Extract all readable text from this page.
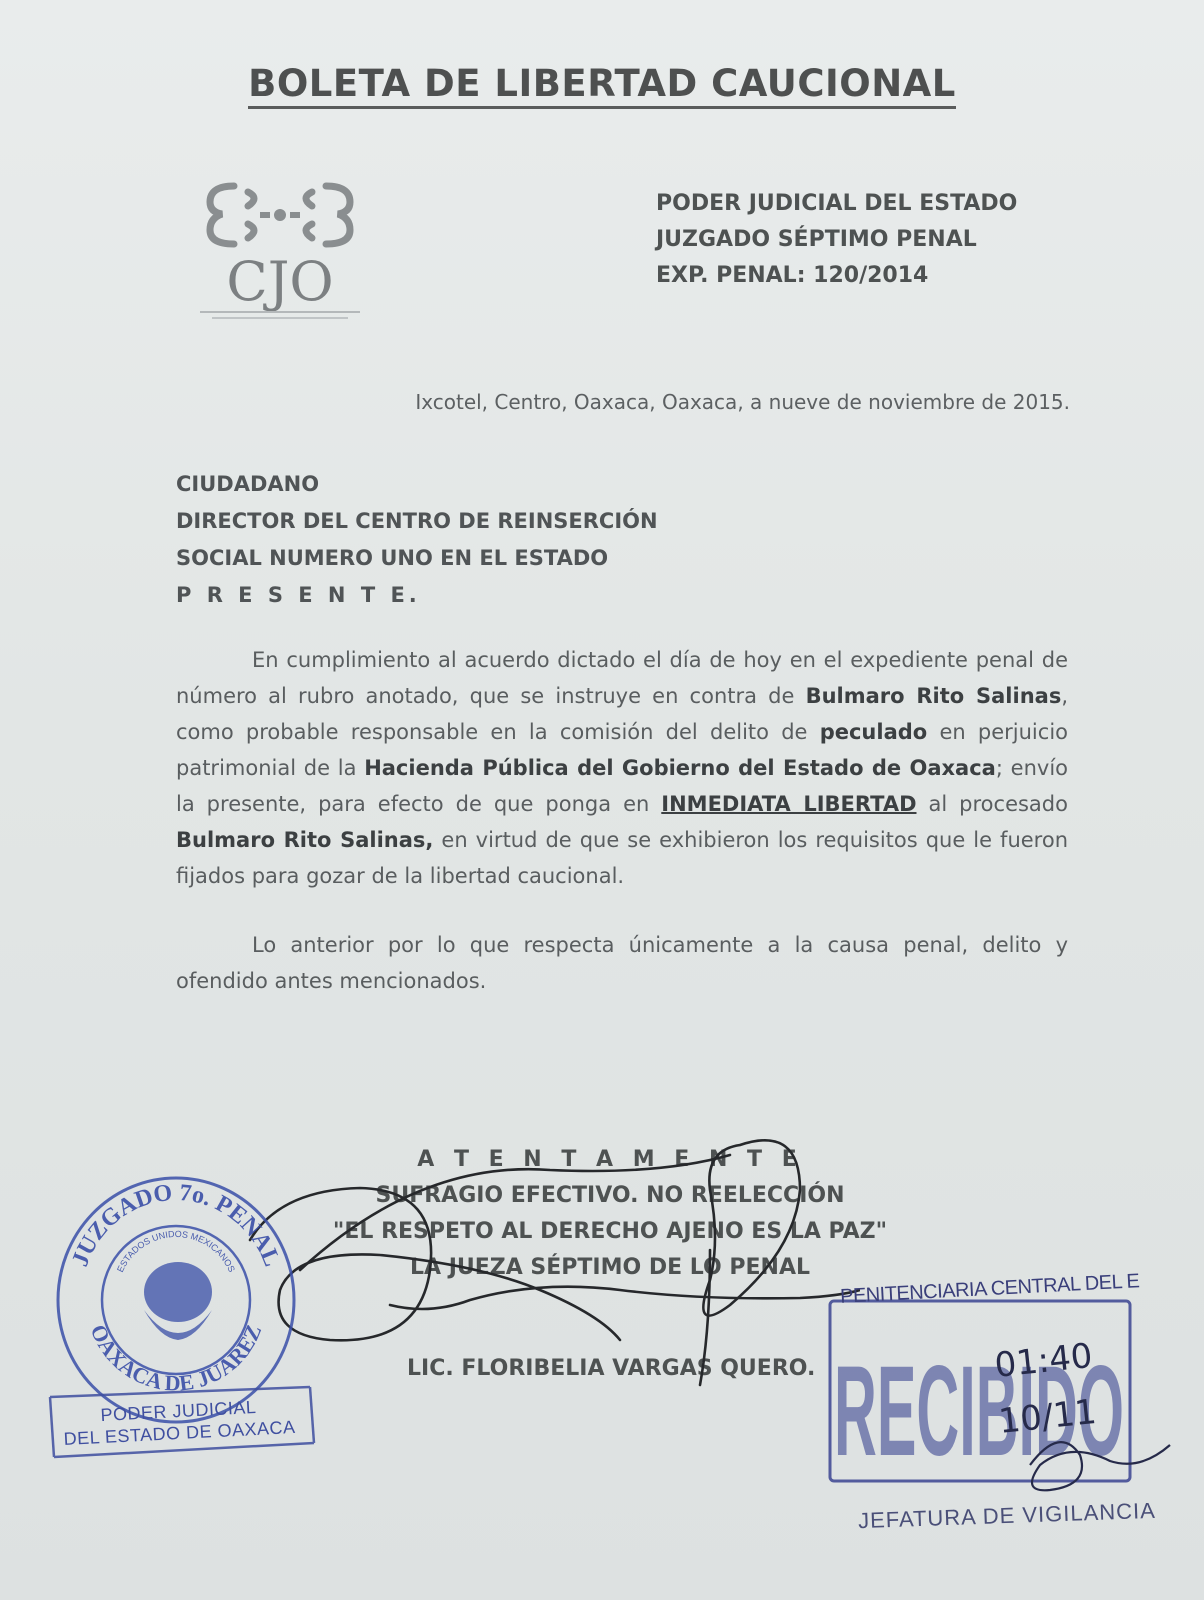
BOLETA DE LIBERTAD CAUCIONAL
CJO
PODER JUDICIAL DEL ESTADO
JUZGADO SÉPTIMO PENAL
EXP. PENAL: 120/2014
Ixcotel, Centro, Oaxaca, Oaxaca, a nueve de noviembre de 2015.
CIUDADANO
DIRECTOR DEL CENTRO DE REINSERCIÓN
SOCIAL NUMERO UNO EN EL ESTADO
P R E S E N T E.

En cumplimiento al acuerdo dictado el día de hoy en el expediente penal de número al rubro anotado, que se instruye en contra de Bulmaro Rito Salinas, como probable responsable en la comisión del delito de peculado en perjuicio patrimonial de la Hacienda Pública del Gobierno del Estado de Oaxaca; envío la presente, para efecto de que ponga en INMEDIATA LIBERTAD al procesado Bulmaro Rito Salinas, en virtud de que se exhibieron los requisitos que le fueron fijados para gozar de la libertad caucional.

Lo anterior por lo que respecta únicamente a la causa penal, delito y ofendido antes mencionados.

A T E N T A M E N T E
SUFRAGIO EFECTIVO. NO REELECCIÓN
"EL RESPETO AL DERECHO AJENO ES LA PAZ"
LA JUEZA SÉPTIMO DE LO PENAL
LIC. FLORIBELIA VARGAS QUERO.
JUZGADO 7o. PENAL
OAXACA DE JUAREZ
ESTADOS UNIDOS MEXICANOS
PODER JUDICIAL
DEL ESTADO DE OAXACA	RECIBIDO
01:40
10/11
PENITENCIARIA CENTRAL DEL E
JEFATURA DE VIGILANCIA
